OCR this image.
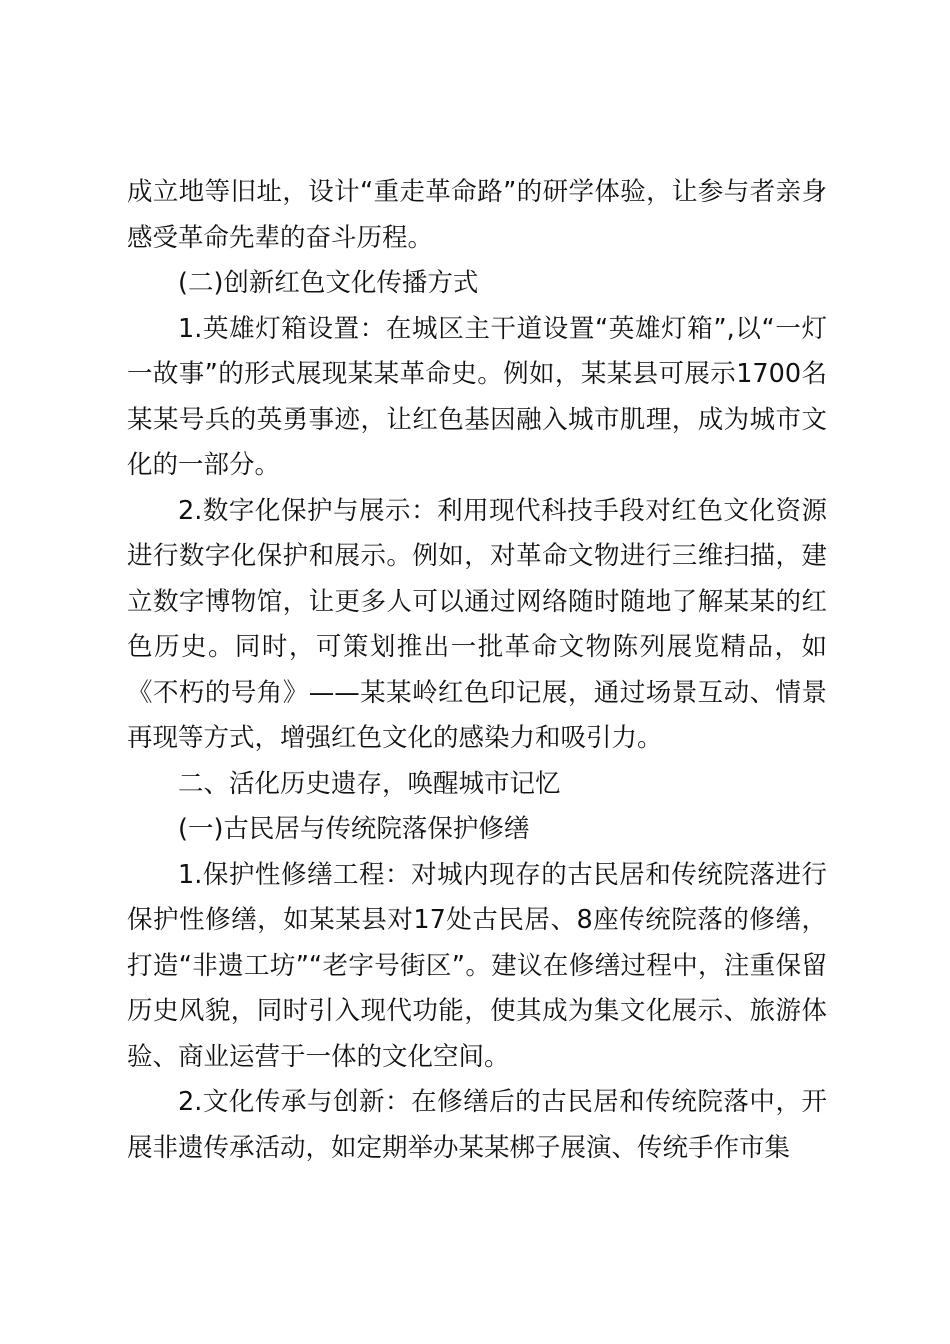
成立地等旧址，设计“重走革命路”的研学体验，让参与者亲身感受革命先辈的奋斗历程。

(二)创新红色文化传播方式

1.英雄灯箱设置：在城区主干道设置“英雄灯箱”,以“一灯一故事”的形式展现某某革命史。例如，某某县可展示1700名某某号兵的英勇事迹，让红色基因融入城市肌理，成为城市文化的一部分。

2.数字化保护与展示：利用现代科技手段对红色文化资源进行数字化保护和展示。例如，对革命文物进行三维扫描，建立数字博物馆，让更多人可以通过网络随时随地了解某某的红色历史。同时，可策划推出一批革命文物陈列展览精品，如《不朽的号角》——某某岭红色印记展，通过场景互动、情景再现等方式，增强红色文化的感染力和吸引力。

二、活化历史遗存，唤醒城市记忆

(一)古民居与传统院落保护修缮

1.保护性修缮工程：对城内现存的古民居和传统院落进行保护性修缮，如某某县对17处古民居、8座传统院落的修缮，打造“非遗工坊”“老字号街区”。建议在修缮过程中，注重保留历史风貌，同时引入现代功能，使其成为集文化展示、旅游体验、商业运营于一体的文化空间。

2.文化传承与创新：在修缮后的古民居和传统院落中，开展非遗传承活动，如定期举办某某梆子展演、传统手作市集
